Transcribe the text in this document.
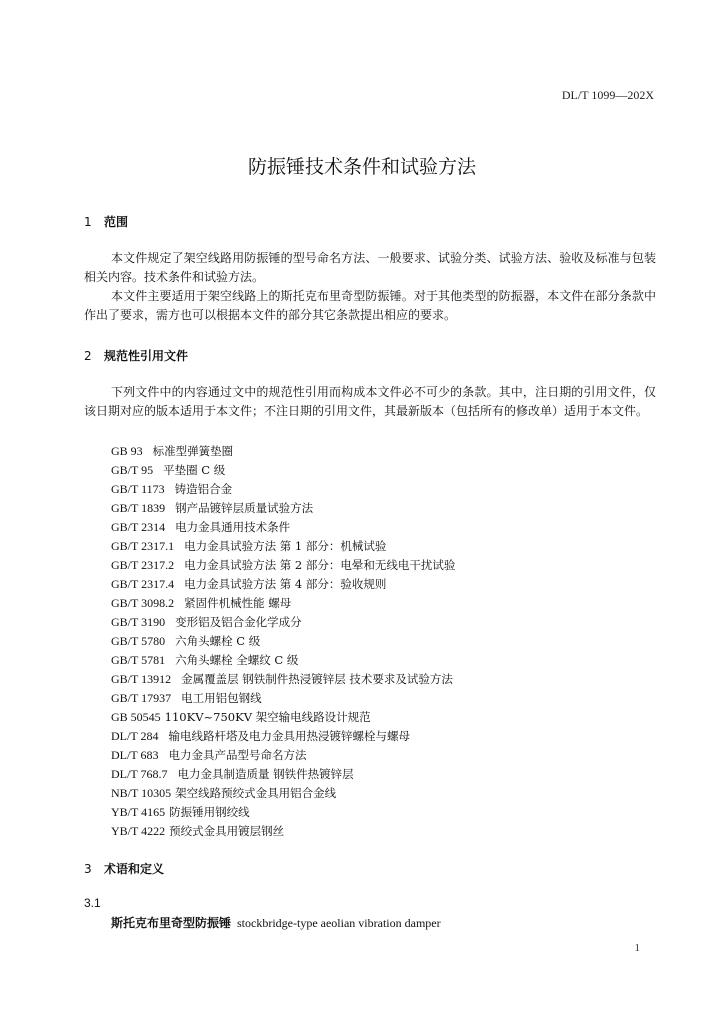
DL/T 1099—202X
防振锤技术条件和试验方法
1 范围

本文件规定了架空线路用防振锤的型号命名方法、一般要求、试验分类、试验方法、验收及标准与包装相关内容。技术条件和试验方法。

本文件主要适用于架空线路上的斯托克布里奇型防振锤。对于其他类型的防振器，本文件在部分条款中作出了要求，需方也可以根据本文件的部分其它条款提出相应的要求。

2 规范性引用文件

下列文件中的内容通过文中的规范性引用而构成本文件必不可少的条款。其中，注日期的引用文件，仅该日期对应的版本适用于本文件；不注日期的引用文件，其最新版本（包括所有的修改单）适用于本文件。

GB 93 标准型弹簧垫圈
GB/T 95 平垫圈 C 级
GB/T 1173 铸造铝合金
GB/T 1839 钢产品镀锌层质量试验方法
GB/T 2314 电力金具通用技术条件
GB/T 2317.1 电力金具试验方法 第 1 部分：机械试验
GB/T 2317.2 电力金具试验方法 第 2 部分：电晕和无线电干扰试验
GB/T 2317.4 电力金具试验方法 第 4 部分：验收规则
GB/T 3098.2 紧固件机械性能 螺母
GB/T 3190 变形铝及铝合金化学成分
GB/T 5780 六角头螺栓 C 级
GB/T 5781 六角头螺栓 全螺纹 C 级
GB/T 13912 金属覆盖层 钢铁制件热浸镀锌层 技术要求及试验方法
GB/T 17937 电工用铝包钢线
GB 50545 110KV~750KV 架空输电线路设计规范
DL/T 284 输电线路杆塔及电力金具用热浸镀锌螺栓与螺母
DL/T 683 电力金具产品型号命名方法
DL/T 768.7 电力金具制造质量 钢铁件热镀锌层
NB/T 10305 架空线路预绞式金具用铝合金线
YB/T 4165 防振锤用钢绞线
YB/T 4222 预绞式金具用镀层钢丝
3 术语和定义
3.1
斯托克布里奇型防振锤 stockbridge-type aeolian vibration damper
1
